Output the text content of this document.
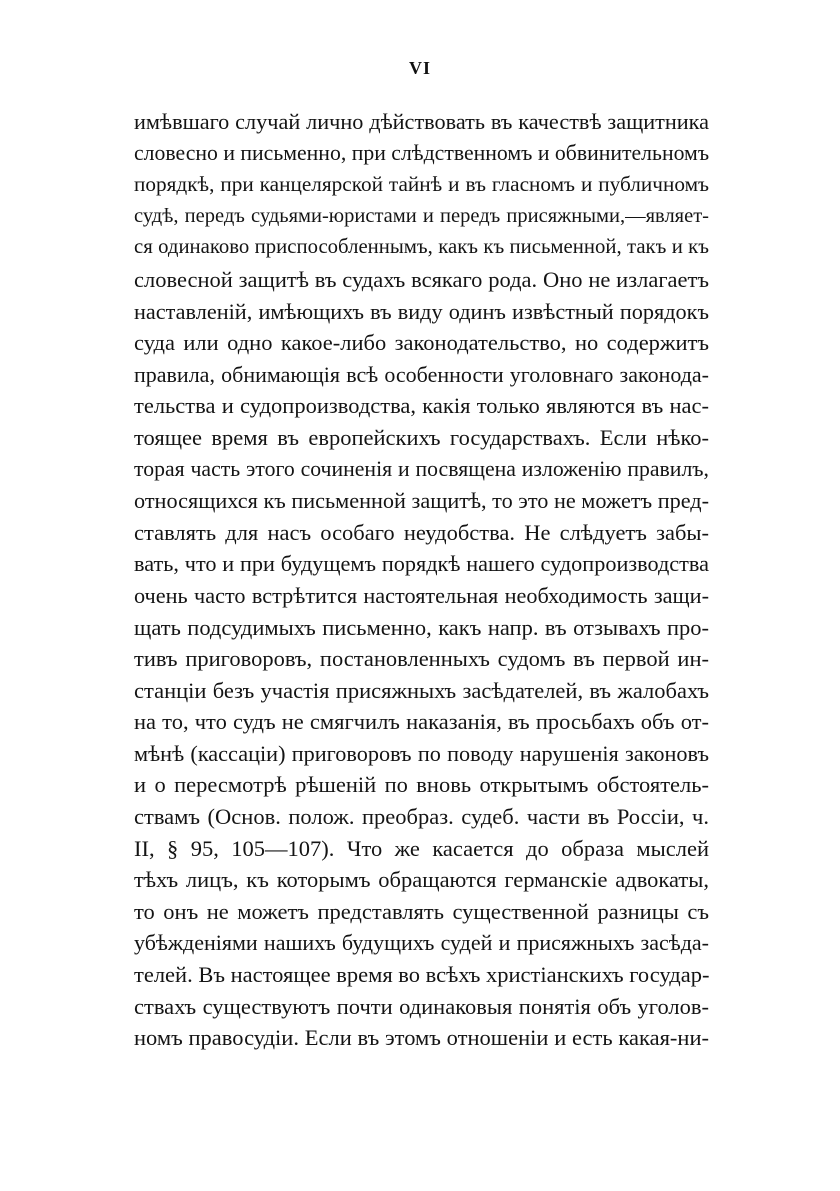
VI
имѣвшаго случай лично дѣйствовать въ качествѣ защитника
словесно и письменно, при слѣдственномъ и обвинительномъ
порядкѣ, при канцелярской тайнѣ и въ гласномъ и публичномъ
судѣ, передъ судьями-юристами и передъ присяжными,—являет-
ся одинаково приспособленнымъ, какъ къ письменной, такъ и къ
словесной защитѣ въ судахъ всякаго рода. Оно не излагаетъ
наставленій, имѣющихъ въ виду одинъ извѣстный порядокъ
суда или одно какое-либо законодательство, но содержитъ
правила, обнимающія всѣ особенности уголовнаго законода-
тельства и судопроизводства, какія только являются въ нас-
тоящее время въ европейскихъ государствахъ. Если нѣко-
торая часть этого сочиненія и посвящена изложенію правилъ,
относящихся къ письменной защитѣ, то это не можетъ пред-
ставлять для насъ особаго неудобства. Не слѣдуетъ забы-
вать, что и при будущемъ порядкѣ нашего судопроизводства
очень часто встрѣтится настоятельная необходимость защи-
щать подсудимыхъ письменно, какъ напр. въ отзывахъ про-
тивъ приговоровъ, постановленныхъ судомъ въ первой ин-
станціи безъ участія присяжныхъ засѣдателей, въ жалобахъ
на то, что судъ не смягчилъ наказанія, въ просьбахъ объ от-
мѣнѣ (кассаціи) приговоровъ по поводу нарушенія законовъ
и о пересмотрѣ рѣшеній по вновь открытымъ обстоятель-
ствамъ (Основ. полож. преобраз. судеб. части въ Россіи, ч.
II, § 95, 105—107). Что же касается до образа мыслей
тѣхъ лицъ, къ которымъ обращаются германскіе адвокаты,
то онъ не можетъ представлять существенной разницы съ
убѣжденіями нашихъ будущихъ судей и присяжныхъ засѣда-
телей. Въ настоящее время во всѣхъ христіанскихъ государ-
ствахъ существуютъ почти одинаковыя понятія объ уголов-
номъ правосудіи. Если въ этомъ отношеніи и есть какая-ни-
